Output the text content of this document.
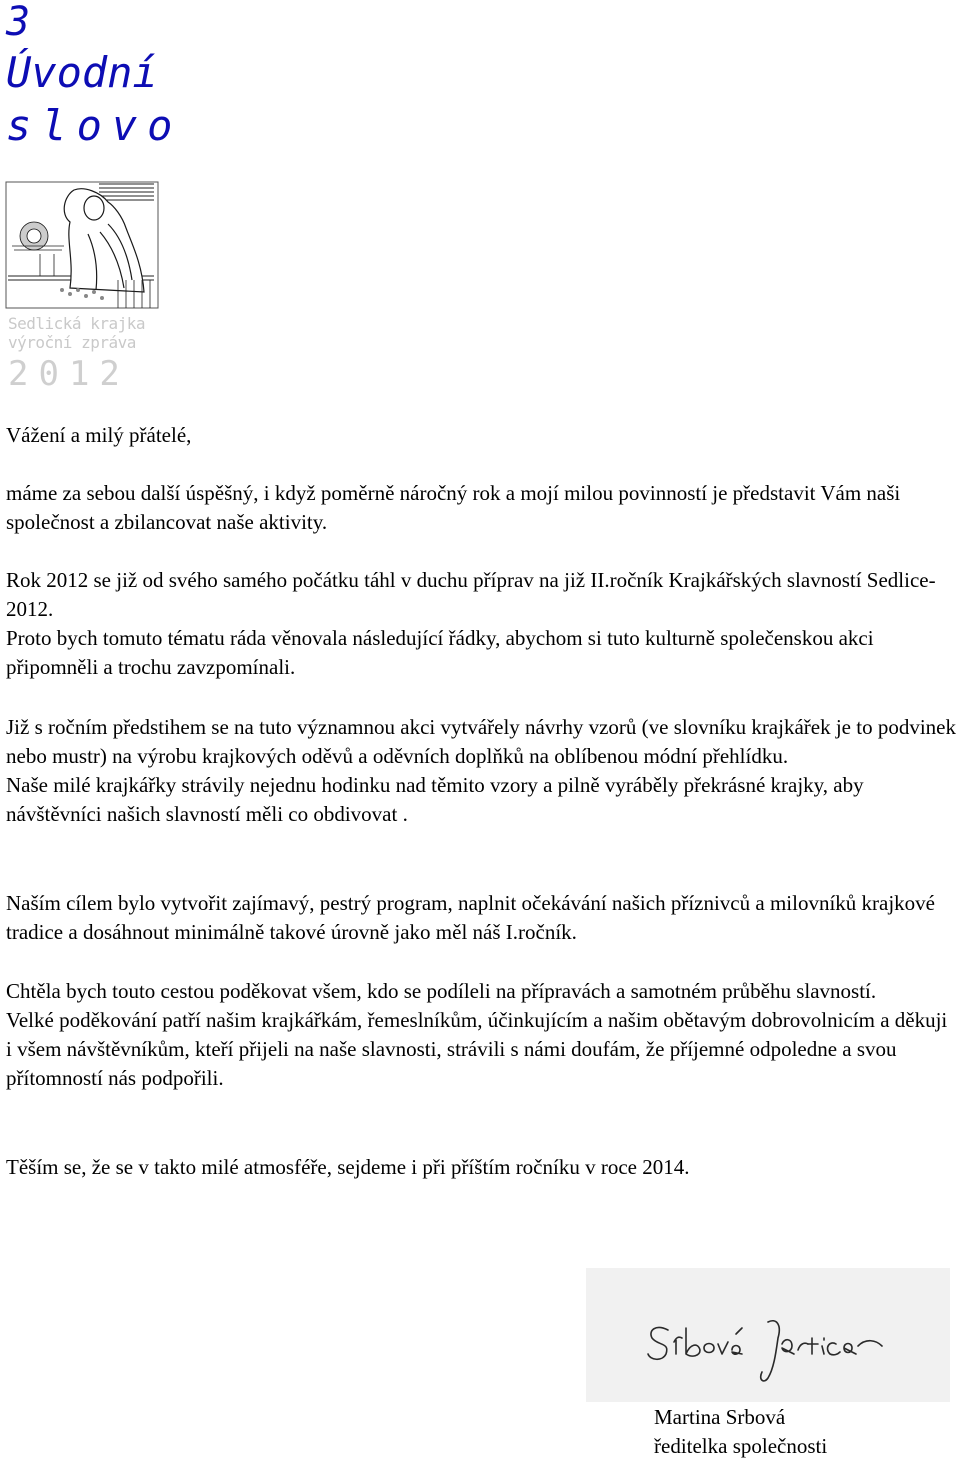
3
Úvodní
slovo
Sedlická krajka
výroční zpráva
2012

Vážení a milý přátelé,

máme za sebou další úspěšný, i když poměrně náročný rok a mojí milou povinností je představit Vám naši společnost a zbilancovat naše aktivity.

Rok 2012 se již od svého samého počátku táhl v duchu příprav na již II.ročník Krajkářských slavností Sedlice-2012.

Proto bych tomuto tématu ráda věnovala následující řádky, abychom si tuto kulturně společenskou akci připomněli a trochu zavzpomínali.

Již s ročním předstihem se na tuto významnou akci vytvářely návrhy vzorů (ve slovníku krajkářek je to podvinek nebo mustr) na výrobu krajkových oděvů a oděvních doplňků na oblíbenou módní přehlídku.

Naše milé krajkářky strávily nejednu hodinku nad těmito vzory a pilně vyráběly překrásné krajky, aby návštěvníci našich slavností měli co obdivovat .

Naším cílem bylo vytvořit zajímavý, pestrý program, naplnit očekávání našich příznivců a milovníků krajkové tradice a dosáhnout minimálně takové úrovně jako měl náš I.ročník.

Chtěla bych touto cestou poděkovat všem, kdo se podíleli na přípravách a samotném průběhu slavností.

Velké poděkování patří našim krajkářkám, řemeslníkům, účinkujícím a našim obětavým dobrovolnicím a děkuji i všem návštěvníkům, kteří přijeli na naše slavnosti, strávili s námi doufám, že příjemné odpoledne a svou přítomností nás podpořili.

Těším se, že se v takto milé atmosféře, sejdeme i při příštím ročníku v roce 2014.

Martina Srbová
ředitelka společnosti
